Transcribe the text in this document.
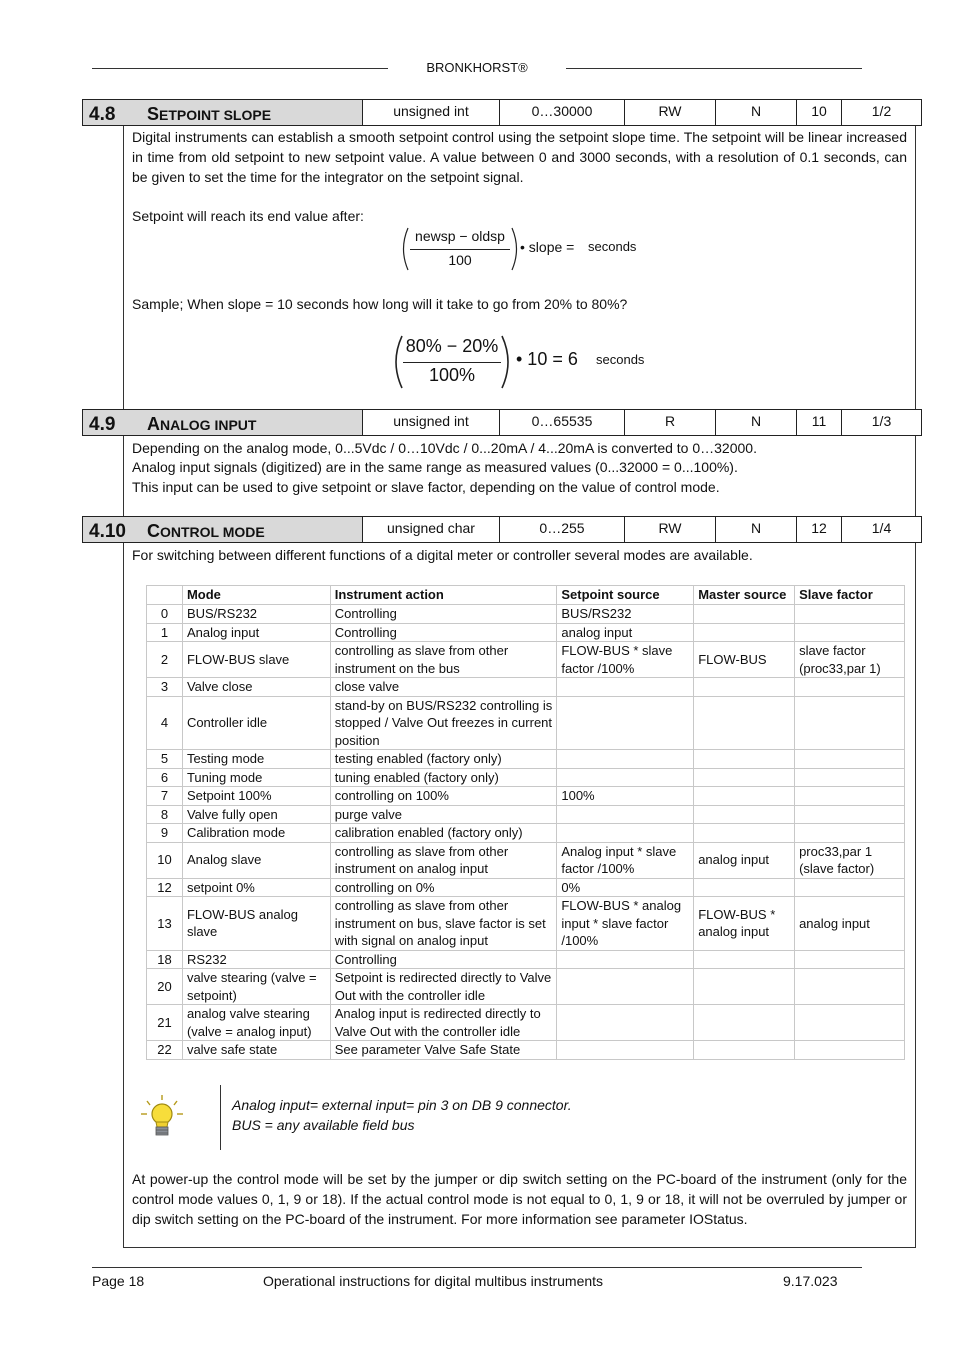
BRONKHORST®
4.8	S ETPOINT SLOPE	unsigned int	0…30000	RW	N	10	1/2
Digital instruments can establish a smooth setpoint control using the setpoint slope time. The setpoint will be linear increased in time from old setpoint to new setpoint value. A value between 0 and 3000 seconds, with a resolution of 0.1 seconds, can be given to set the time for the integrator on the setpoint signal.
Setpoint will reach its end value after:
newsp − oldsp
100
• slope = seconds
Sample; When slope = 10 seconds how long will it take to go from 20% to 80%?
80% − 20%
100%
• 10 = 6 seconds
4.9	A NALOG INPUT	unsigned int	0…65535	R	N	11	1/3
Depending on the analog mode, 0...5Vdc / 0…10Vdc / 0...20mA / 4...20mA is converted to 0…32000.
Analog input signals (digitized) are in the same range as measured values (0...32000 = 0...100%).
This input can be used to give setpoint or slave factor, depending on the value of control mode.
4.10	C ONTROL MODE	unsigned char	0…255	RW	N	12	1/4
For switching between different functions of a digital meter or controller several modes are available.
	Mode	Instrument action	Setpoint source	Master source	Slave factor
0	BUS/RS232	Controlling	BUS/RS232		
1	Analog input	Controlling	analog input		
2	FLOW-BUS slave	controlling as slave from other instrument on the bus	FLOW-BUS * slave factor /100%	FLOW-BUS	slave factor (proc33,par 1)
3	Valve close	close valve			
4	Controller idle	stand-by on BUS/RS232 controlling is stopped / Valve Out freezes in current position			
5	Testing mode	testing enabled (factory only)			
6	Tuning mode	tuning enabled (factory only)			
7	Setpoint 100%	controlling on 100%	100%		
8	Valve fully open	purge valve			
9	Calibration mode	calibration enabled (factory only)			
10	Analog slave	controlling as slave from other instrument on analog input	Analog input * slave factor /100%	analog input	proc33,par 1 (slave factor)
12	setpoint 0%	controlling on 0%	0%		
13	FLOW-BUS analog slave	controlling as slave from other instrument on bus, slave factor is set with signal on analog input	FLOW-BUS * analog input * slave factor /100%	FLOW-BUS * analog input	analog input
18	RS232	Controlling			
20	valve stearing (valve = setpoint)	Setpoint is redirected directly to Valve Out with the controller idle			
21	analog valve stearing (valve = analog input)	Analog input is redirected directly to Valve Out with the controller idle			
22	valve safe state	See parameter Valve Safe State			
Analog input= external input= pin 3 on DB 9 connector.
BUS = any available field bus
At power-up the control mode will be set by the jumper or dip switch setting on the PC-board of the instrument (only for the control mode values 0, 1, 9 or 18). If the actual control mode is not equal to 0, 1, 9 or 18, it will not be overruled by jumper or dip switch setting on the PC-board of the instrument. For more information see parameter IOStatus.
Page 18	Operational instructions for digital multibus instruments	9.17.023
